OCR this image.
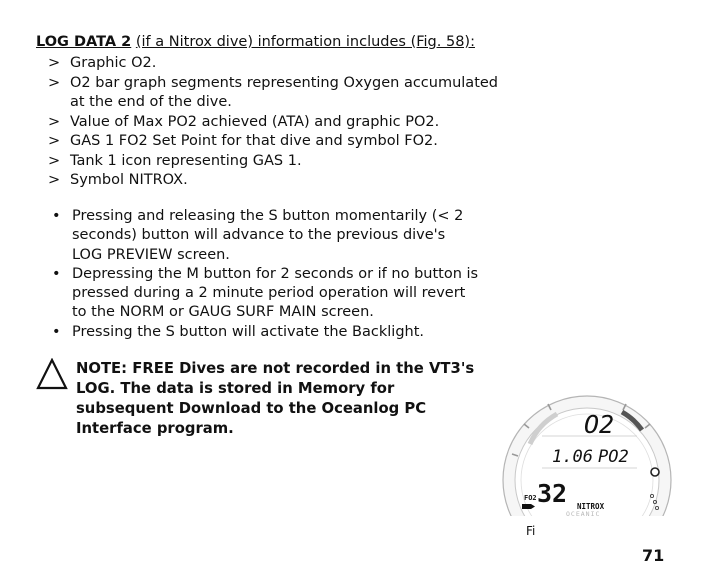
LOG DATA 2 (if a Nitrox dive) information includes (Fig. 58):
> Graphic O2.
> O2 bar graph segments representing Oxygen accumulated at the end of the dive.
> Value of Max PO2 achieved (ATA) and graphic PO2.
> GAS 1 FO2 Set Point for that dive and symbol FO2.
> Tank 1 icon representing GAS 1.
> Symbol NITROX.
• Pressing and releasing the S button momentarily (< 2 seconds) button will advance to the previous dive's LOG PREVIEW screen.
• Depressing the M button for 2 seconds or if no button is pressed during a 2 minute period operation will revert to the NORM or GAUG SURF MAIN screen.
• Pressing the S button will activate the Backlight.
NOTE: FREE Dives are not recorded in the VT3's LOG. The data is stored in Memory for subsequent Download to the Oceanlog PC Interface program.	O2
1.06 PO2
FO2 32 NITROX
OCEANIC
Fi
71
